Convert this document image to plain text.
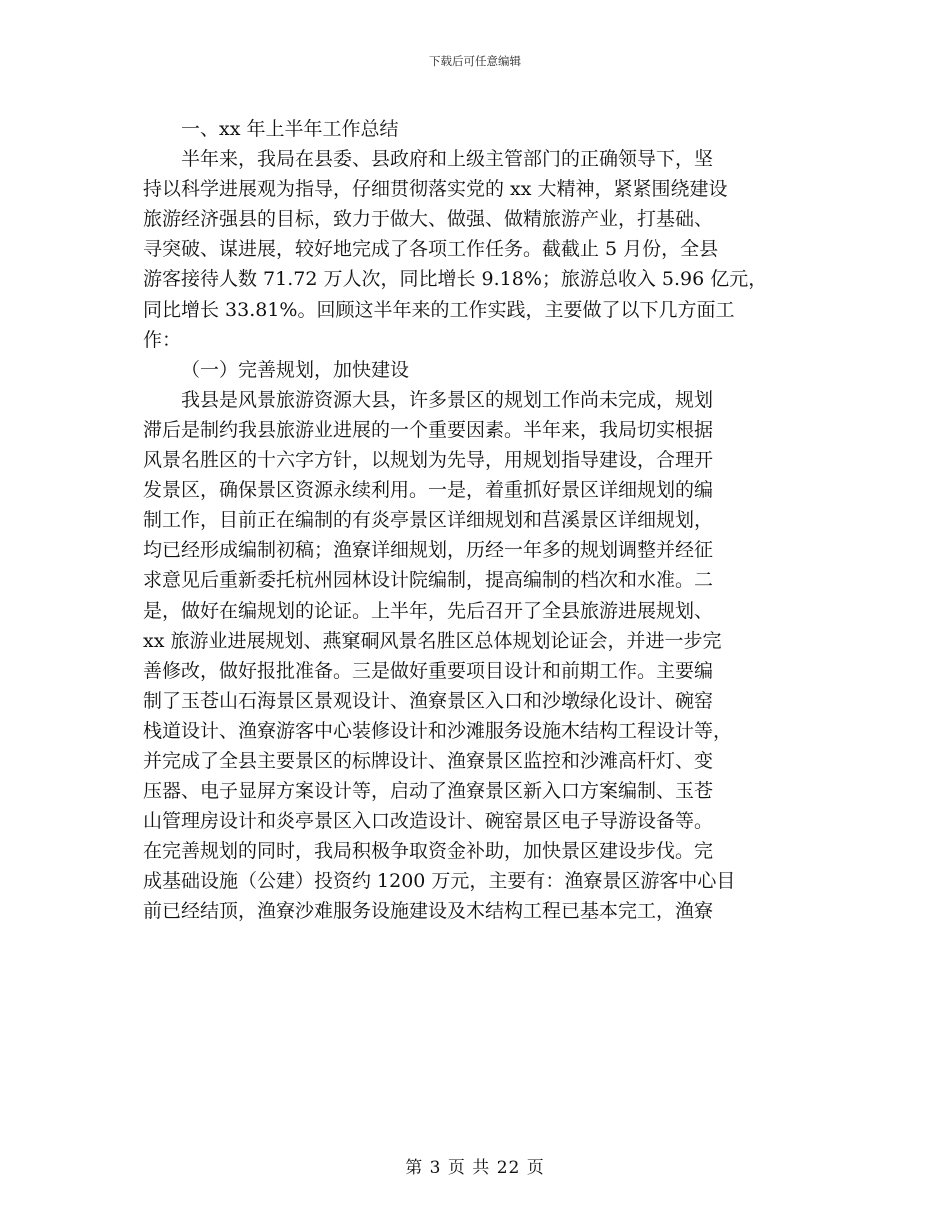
下载后可任意编辑
一、xx 年上半年工作总结
半年来，我局在县委、县政府和上级主管部门的正确领导下，坚
持以科学进展观为指导，仔细贯彻落实党的 xx 大精神，紧紧围绕建设
旅游经济强县的目标，致力于做大、做强、做精旅游产业，打基础、
寻突破、谋进展，较好地完成了各项工作任务。截截止 5 月份，全县
游客接待人数 71.72 万人次，同比增长 9.18%；旅游总收入 5.96 亿元，
同比增长 33.81%。回顾这半年来的工作实践，主要做了以下几方面工
作：
（一）完善规划，加快建设
我县是风景旅游资源大县，许多景区的规划工作尚未完成，规划
滞后是制约我县旅游业进展的一个重要因素。半年来，我局切实根据
风景名胜区的十六字方针，以规划为先导，用规划指导建设，合理开
发景区，确保景区资源永续利用。一是，着重抓好景区详细规划的编
制工作，目前正在编制的有炎亭景区详细规划和莒溪景区详细规划，
均已经形成编制初稿；渔寮详细规划，历经一年多的规划调整并经征
求意见后重新委托杭州园林设计院编制，提高编制的档次和水准。二
是，做好在编规划的论证。上半年，先后召开了全县旅游进展规划、
xx 旅游业进展规划、燕窠硐风景名胜区总体规划论证会，并进一步完
善修改，做好报批准备。三是做好重要项目设计和前期工作。主要编
制了玉苍山石海景区景观设计、渔寮景区入口和沙墩绿化设计、碗窑
栈道设计、渔寮游客中心装修设计和沙滩服务设施木结构工程设计等，
并完成了全县主要景区的标牌设计、渔寮景区监控和沙滩高杆灯、变
压器、电子显屏方案设计等，启动了渔寮景区新入口方案编制、玉苍
山管理房设计和炎亭景区入口改造设计、碗窑景区电子导游设备等。
在完善规划的同时，我局积极争取资金补助，加快景区建设步伐。完
成基础设施（公建）投资约 1200 万元，主要有：渔寮景区游客中心目
前已经结顶，渔寮沙难服务设施建设及木结构工程已基本完工，渔寮
第 3 页 共 22 页
